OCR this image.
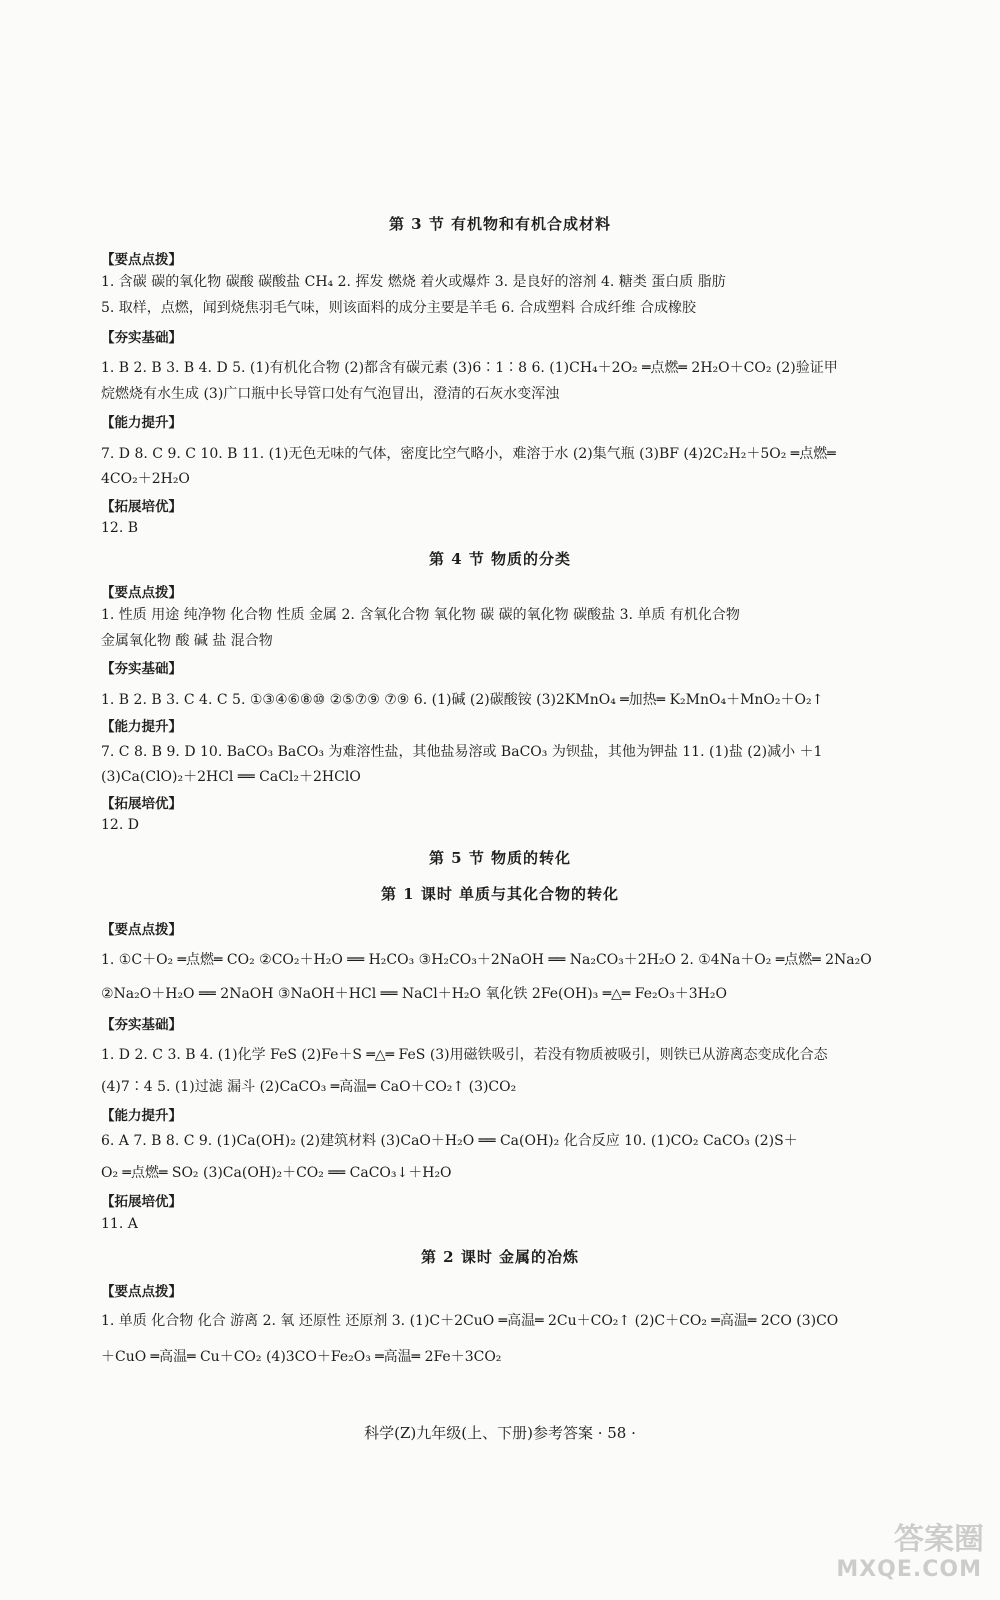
第 3 节 有机物和有机合成材料
【要点点拨】
1. 含碳 碳的氧化物 碳酸 碳酸盐 CH₄ 2. 挥发 燃烧 着火或爆炸 3. 是良好的溶剂 4. 糖类 蛋白质 脂肪
5. 取样，点燃，闻到烧焦羽毛气味，则该面料的成分主要是羊毛 6. 合成塑料 合成纤维 合成橡胶
【夯实基础】
1. B 2. B 3. B 4. D 5. (1)有机化合物 (2)都含有碳元素 (3)6∶1∶8 6. (1)CH₄＋2O₂ ═点燃═ 2H₂O＋CO₂ (2)验证甲
烷燃烧有水生成 (3)广口瓶中长导管口处有气泡冒出，澄清的石灰水变浑浊
【能力提升】
7. D 8. C 9. C 10. B 11. (1)无色无味的气体，密度比空气略小，难溶于水 (2)集气瓶 (3)BF (4)2C₂H₂＋5O₂ ═点燃═
4CO₂＋2H₂O
【拓展培优】
12. B
第 4 节 物质的分类
【要点点拨】
1. 性质 用途 纯净物 化合物 性质 金属 2. 含氧化合物 氧化物 碳 碳的氧化物 碳酸盐 3. 单质 有机化合物
金属氧化物 酸 碱 盐 混合物
【夯实基础】
1. B 2. B 3. C 4. C 5. ①③④⑥⑧⑩ ②⑤⑦⑨ ⑦⑨ 6. (1)碱 (2)碳酸铵 (3)2KMnO₄ ═加热═ K₂MnO₄＋MnO₂＋O₂↑
【能力提升】
7. C 8. B 9. D 10. BaCO₃ BaCO₃ 为难溶性盐，其他盐易溶或 BaCO₃ 为钡盐，其他为钾盐 11. (1)盐 (2)减小 ＋1
(3)Ca(ClO)₂＋2HCl ══ CaCl₂＋2HClO
【拓展培优】
12. D
第 5 节 物质的转化
第 1 课时 单质与其化合物的转化
【要点点拨】
1. ①C＋O₂ ═点燃═ CO₂ ②CO₂＋H₂O ══ H₂CO₃ ③H₂CO₃＋2NaOH ══ Na₂CO₃＋2H₂O 2. ①4Na＋O₂ ═点燃═ 2Na₂O
②Na₂O＋H₂O ══ 2NaOH ③NaOH＋HCl ══ NaCl＋H₂O 氧化铁 2Fe(OH)₃ ═△═ Fe₂O₃＋3H₂O
【夯实基础】
1. D 2. C 3. B 4. (1)化学 FeS (2)Fe＋S ═△═ FeS (3)用磁铁吸引，若没有物质被吸引，则铁已从游离态变成化合态
(4)7∶4 5. (1)过滤 漏斗 (2)CaCO₃ ═高温═ CaO＋CO₂↑ (3)CO₂
【能力提升】
6. A 7. B 8. C 9. (1)Ca(OH)₂ (2)建筑材料 (3)CaO＋H₂O ══ Ca(OH)₂ 化合反应 10. (1)CO₂ CaCO₃ (2)S＋
O₂ ═点燃═ SO₂ (3)Ca(OH)₂＋CO₂ ══ CaCO₃↓＋H₂O
【拓展培优】
11. A
第 2 课时 金属的冶炼
【要点点拨】
1. 单质 化合物 化合 游离 2. 氧 还原性 还原剂 3. (1)C＋2CuO ═高温═ 2Cu＋CO₂↑ (2)C＋CO₂ ═高温═ 2CO (3)CO
＋CuO ═高温═ Cu＋CO₂ (4)3CO＋Fe₂O₃ ═高温═ 2Fe＋3CO₂
科学(Z)九年级(上、下册)参考答案 · 58 ·
答案圈
MXQE.COM
